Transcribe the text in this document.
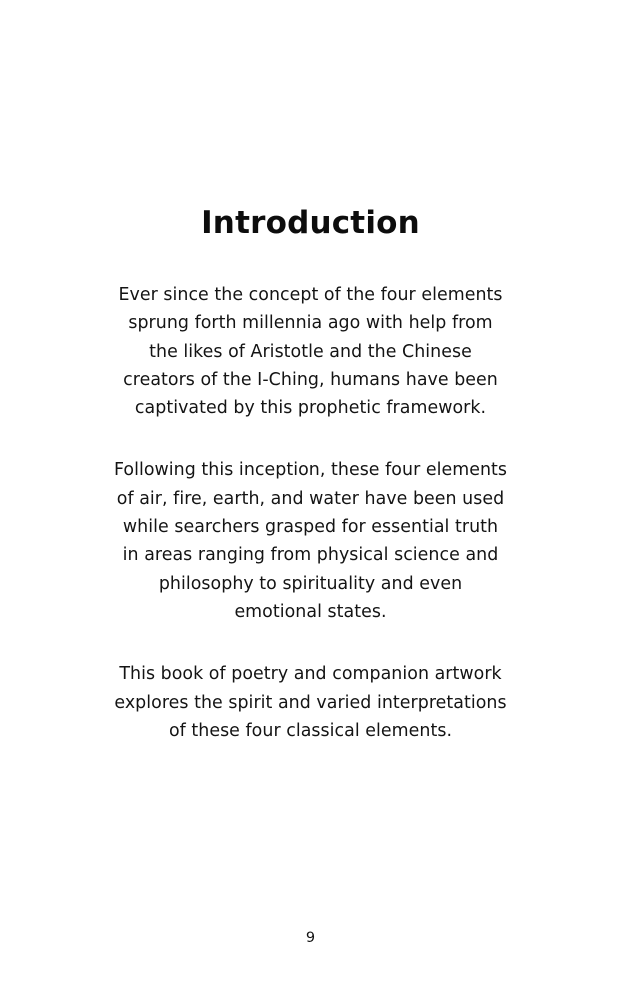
Introduction

Ever since the concept of the four elements sprung forth millennia ago with help from the likes of Aristotle and the Chinese creators of the I-Ching, humans have been captivated by this prophetic framework.

Following this inception, these four elements of air, fire, earth, and water have been used while searchers grasped for essential truth in areas ranging from physical science and philosophy to spirituality and even emotional states.

This book of poetry and companion artwork explores the spirit and varied interpretations of these four classical elements.

9
